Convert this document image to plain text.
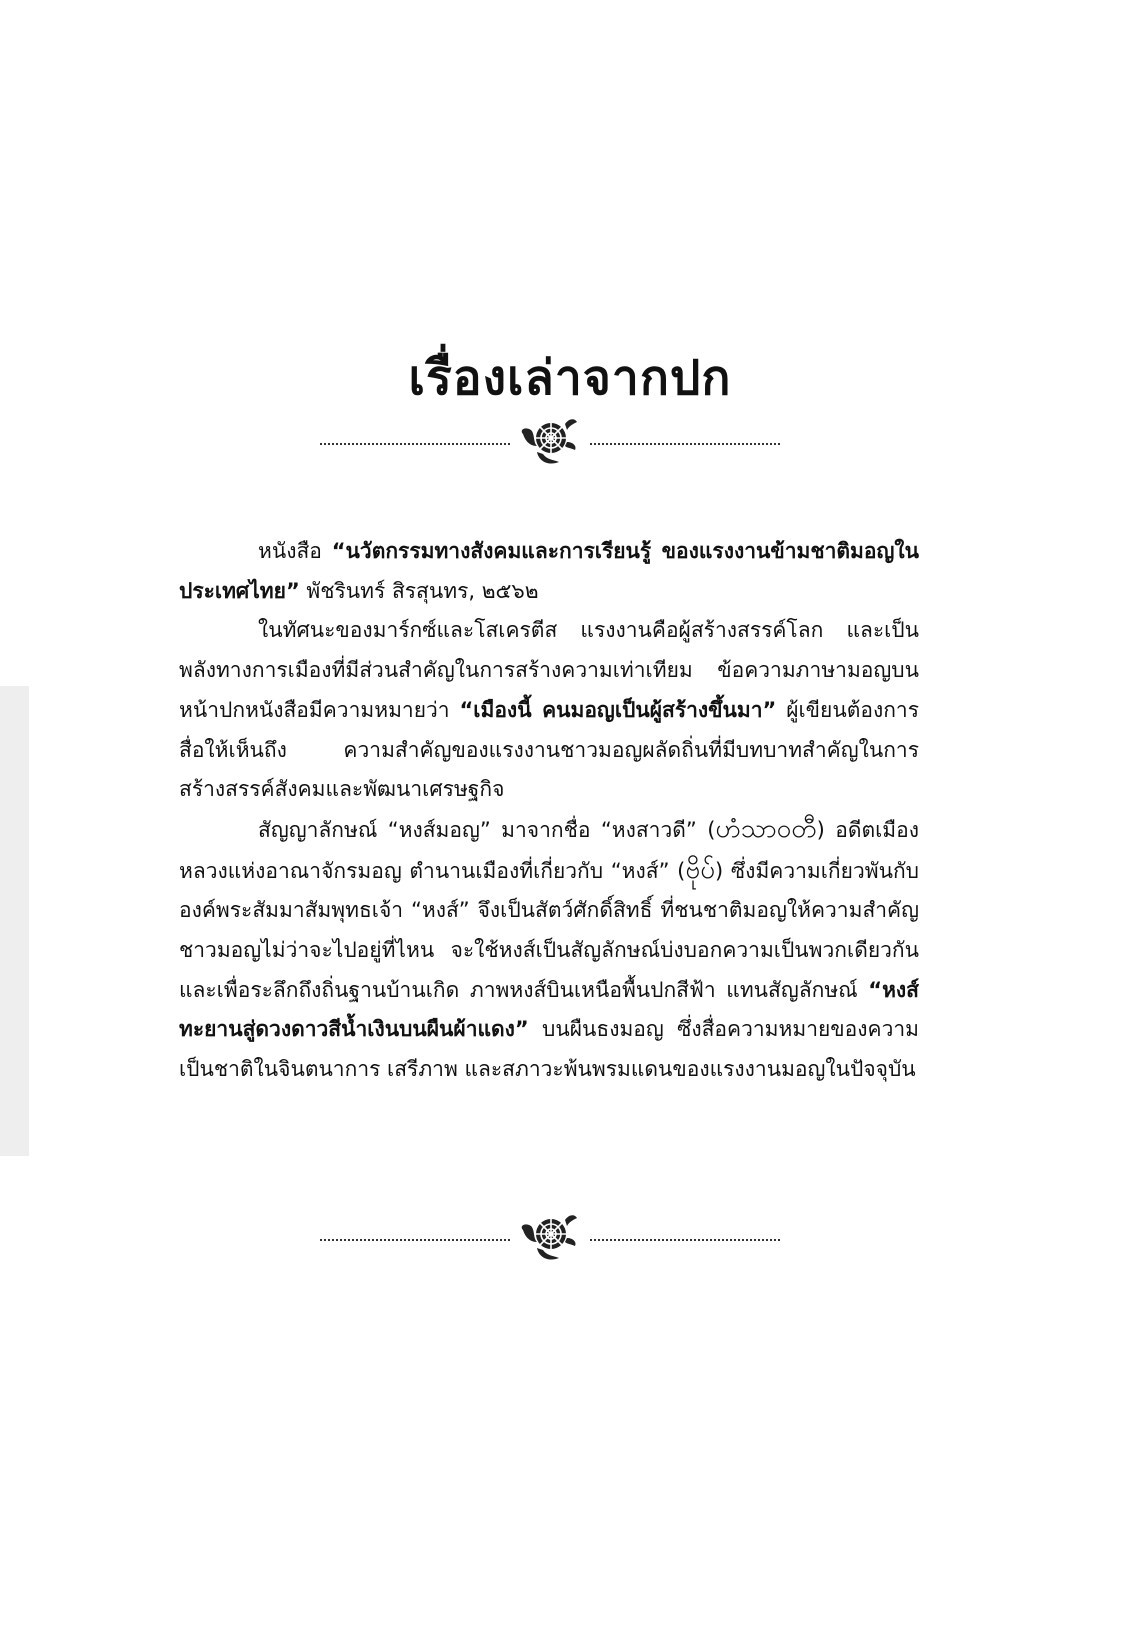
เรื่องเล่าจากปก

หนังสือ “นวัตกรรมทางสังคมและการเรียนรู้ ของแรงงานข้ามชาติมอญในประเทศไทย” พัชรินทร์ สิรสุนทร, ๒๕๖๒

ในทัศนะของมาร์กซ์และโสเครตีส แรงงานคือผู้สร้างสรรค์โลก และเป็นพลังทางการเมืองที่มีส่วนสำคัญในการสร้างความเท่าเทียม ข้อความภาษามอญบนหน้าปกหนังสือมีความหมายว่า “เมืองนี้ คนมอญเป็นผู้สร้างขึ้นมา” ผู้เขียนต้องการสื่อให้เห็นถึง ความสำคัญของแรงงานชาวมอญผลัดถิ่นที่มีบทบาทสำคัญในการสร้างสรรค์สังคมและพัฒนาเศรษฐกิจ

สัญญาลักษณ์ “หงส์มอญ” มาจากชื่อ “หงสาวดี” (ဟံသာဝတီ) อดีตเมืองหลวงแห่งอาณาจักรมอญ ตำนานเมืองที่เกี่ยวกับ “หงส์” (ဗိုပ်) ซึ่งมีความเกี่ยวพันกับองค์พระสัมมาสัมพุทธเจ้า “หงส์” จึงเป็นสัตว์ศักดิ์สิทธิ์ ที่ชนชาติมอญให้ความสำคัญ ชาวมอญไม่ว่าจะไปอยู่ที่ไหน จะใช้หงส์เป็นสัญลักษณ์บ่งบอกความเป็นพวกเดียวกัน และเพื่อระลึกถึงถิ่นฐานบ้านเกิด ภาพหงส์บินเหนือพื้นปกสีฟ้า แทนสัญลักษณ์ “หงส์ทะยานสู่ดวงดาวสีน้ำเงินบนผืนผ้าแดง” บนผืนธงมอญ ซึ่งสื่อความหมายของความเป็นชาติในจินตนาการ เสรีภาพ และสภาวะพ้นพรมแดนของแรงงานมอญในปัจจุบัน
